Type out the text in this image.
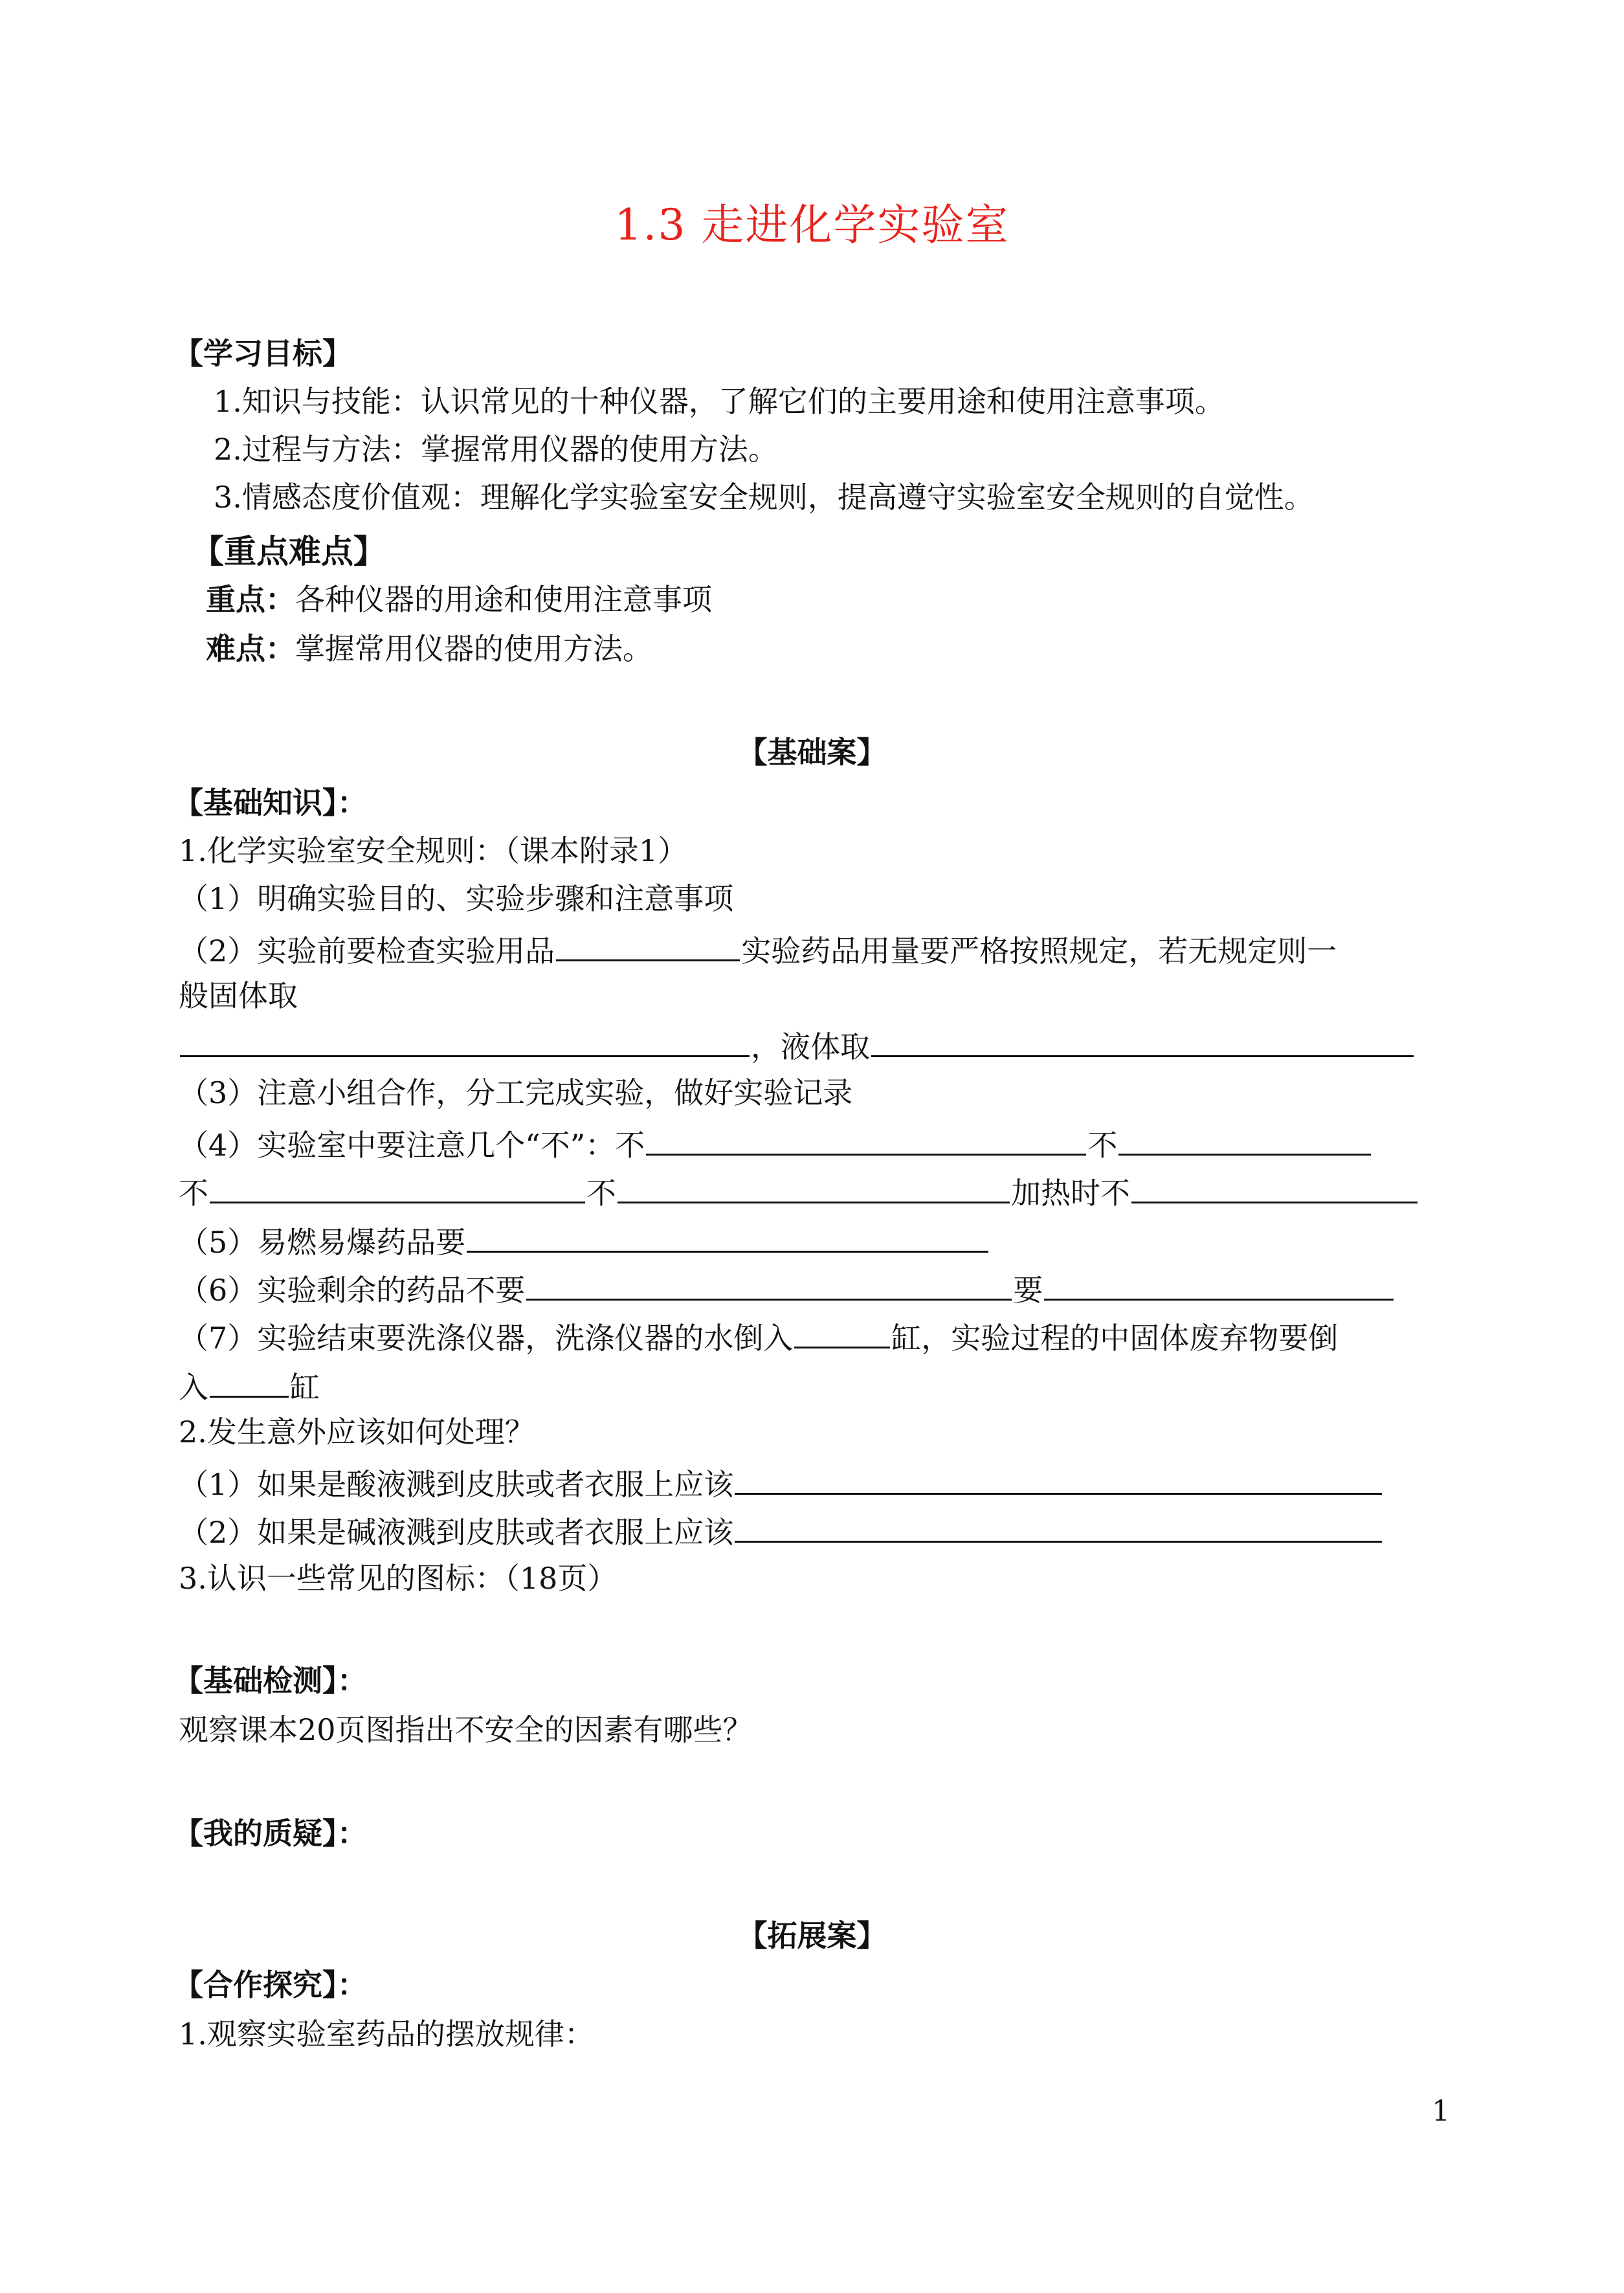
1.3 走进化学实验室
【学习目标】
1.知识与技能：认识常见的十种仪器，了解它们的主要用途和使用注意事项。
2.过程与方法：掌握常用仪器的使用方法。
3.情感态度价值观：理解化学实验室安全规则，提高遵守实验室安全规则的自觉性。
【重点难点】
重点：各种仪器的用途和使用注意事项
难点：掌握常用仪器的使用方法。
【基础案】
【基础知识】：
1.化学实验室安全规则：（课本附录1）
（1）明确实验目的、实验步骤和注意事项
（2）实验前要检查实验用品	实验药品用量要严格按照规定，若无规定则一
般固体取
，液体取
（3）注意小组合作，分工完成实验，做好实验记录
（4）实验室中要注意几个“不”：不	不
不	不	加热时不
（5）易燃易爆药品要
（6）实验剩余的药品不要	要
（7）实验结束要洗涤仪器，洗涤仪器的水倒入	缸，实验过程的中固体废弃物要倒
入	缸
2.发生意外应该如何处理？
（1）如果是酸液溅到皮肤或者衣服上应该
（2）如果是碱液溅到皮肤或者衣服上应该
3.认识一些常见的图标：（18页）
【基础检测】：
观察课本20页图指出不安全的因素有哪些？
【我的质疑】：
【拓展案】
【合作探究】：
1.观察实验室药品的摆放规律：
1
